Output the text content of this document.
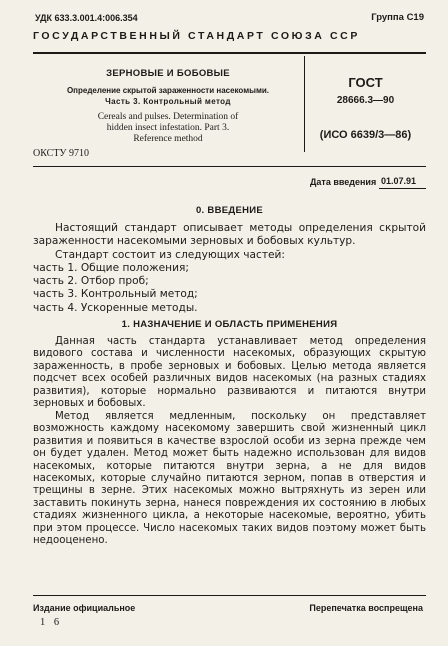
УДК 633.3.001.4:006.354	Группа С19
ГОСУДАРСТВЕННЫЙ СТАНДАРТ СОЮЗА ССР
ЗЕРНОВЫЕ И БОБОВЫЕ
Определение скрытой зараженности насекомыми.
Часть 3. Контрольный метод
Cereals and pulses. Determination of
hidden insect infestation. Part 3.
Reference method
ГОСТ
28666.3—90
(ИСО 6639/3—86)
ОКСТУ 9710
Дата введения 01.07.91
0. ВВЕДЕНИЕ

Настоящий стандарт описывает методы определения скрытой зараженности насекомыми зерновых и бобовых культур.

Стандарт состоит из следующих частей:

часть 1. Общие положения;

часть 2. Отбор проб;

часть 3. Контрольный метод;

часть 4. Ускоренные методы.

1. НАЗНАЧЕНИЕ И ОБЛАСТЬ ПРИМЕНЕНИЯ

Данная часть стандарта устанавливает метод определения видового состава и численности насекомых, образующих скрытую зараженность, в пробе зерновых и бобовых. Целью метода является подсчет всех особей различных видов насекомых (на разных стадиях развития), которые нормально развиваются и питаются внутри зерновых и бобовых.

Метод является медленным, поскольку он представляет возможность каждому насекомому завершить свой жизненный цикл развития и появиться в качестве взрослой особи из зерна прежде чем он будет удален. Метод может быть надежно использован для видов насекомых, которые питаются внутри зерна, а не для видов насекомых, которые случайно питаются зерном, попав в отверстия и трещины в зерне. Этих насекомых можно вытряхнуть из зерен или заставить покинуть зерна, нанеся повреждения их состоянию в любых стадиях жизненного цикла, а некоторые насекомые, вероятно, убить при этом процессе. Число насекомых таких видов поэтому может быть недооценено.

Издание официальное	Перепечатка воспрещена
1 6
